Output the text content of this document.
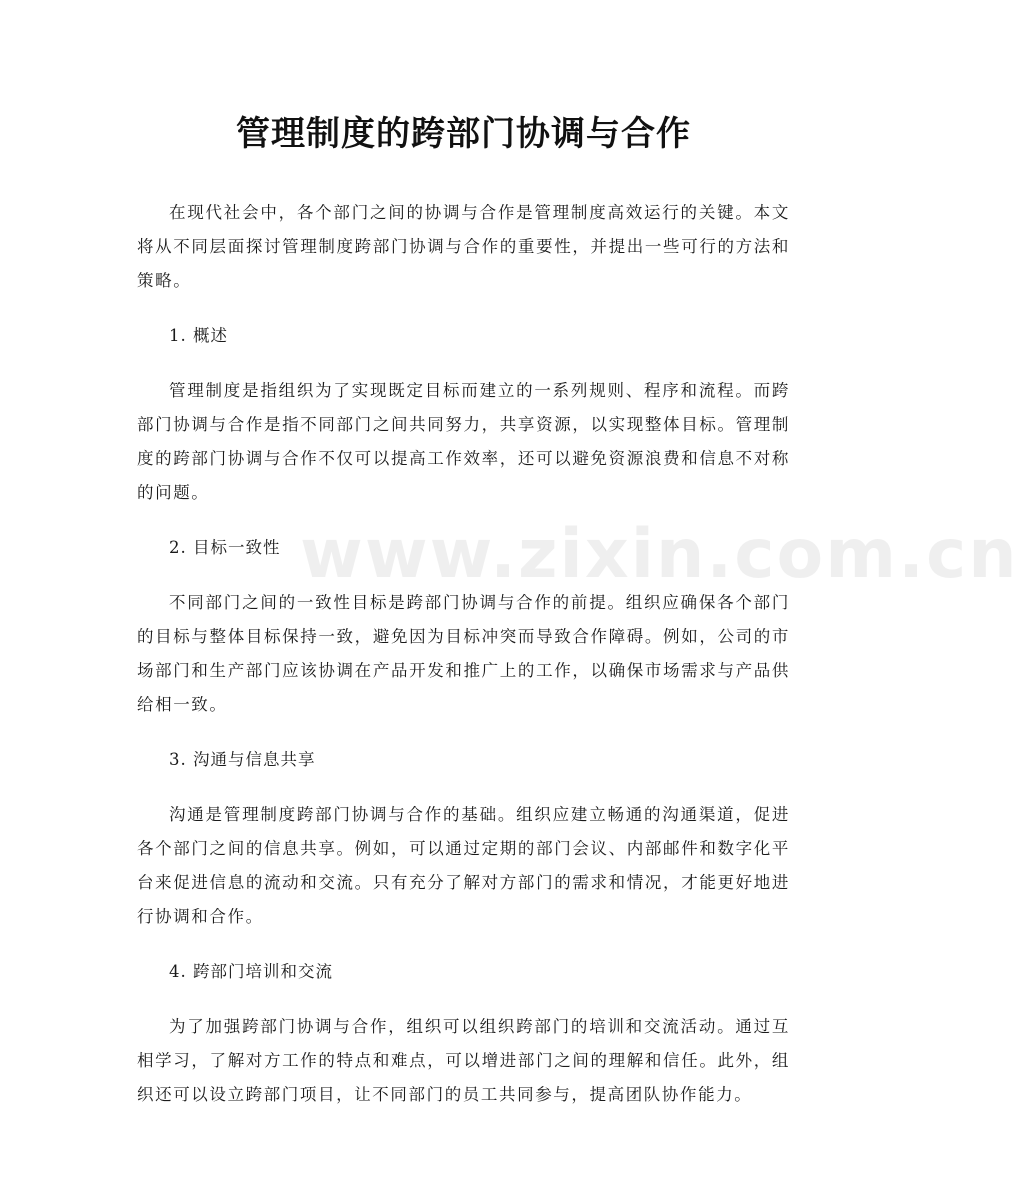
管理制度的跨部门协调与合作

在现代社会中，各个部门之间的协调与合作是管理制度高效运行的关键。本文将从不同层面探讨管理制度跨部门协调与合作的重要性，并提出一些可行的方法和策略。

1. 概述

管理制度是指组织为了实现既定目标而建立的一系列规则、程序和流程。而跨部门协调与合作是指不同部门之间共同努力，共享资源，以实现整体目标。管理制度的跨部门协调与合作不仅可以提高工作效率，还可以避免资源浪费和信息不对称的问题。

2. 目标一致性

不同部门之间的一致性目标是跨部门协调与合作的前提。组织应确保各个部门的目标与整体目标保持一致，避免因为目标冲突而导致合作障碍。例如，公司的市场部门和生产部门应该协调在产品开发和推广上的工作，以确保市场需求与产品供给相一致。

3. 沟通与信息共享

沟通是管理制度跨部门协调与合作的基础。组织应建立畅通的沟通渠道，促进各个部门之间的信息共享。例如，可以通过定期的部门会议、内部邮件和数字化平台来促进信息的流动和交流。只有充分了解对方部门的需求和情况，才能更好地进行协调和合作。

4. 跨部门培训和交流

为了加强跨部门协调与合作，组织可以组织跨部门的培训和交流活动。通过互相学习，了解对方工作的特点和难点，可以增进部门之间的理解和信任。此外，组织还可以设立跨部门项目，让不同部门的员工共同参与，提高团队协作能力。

www.zixin.com.cn
